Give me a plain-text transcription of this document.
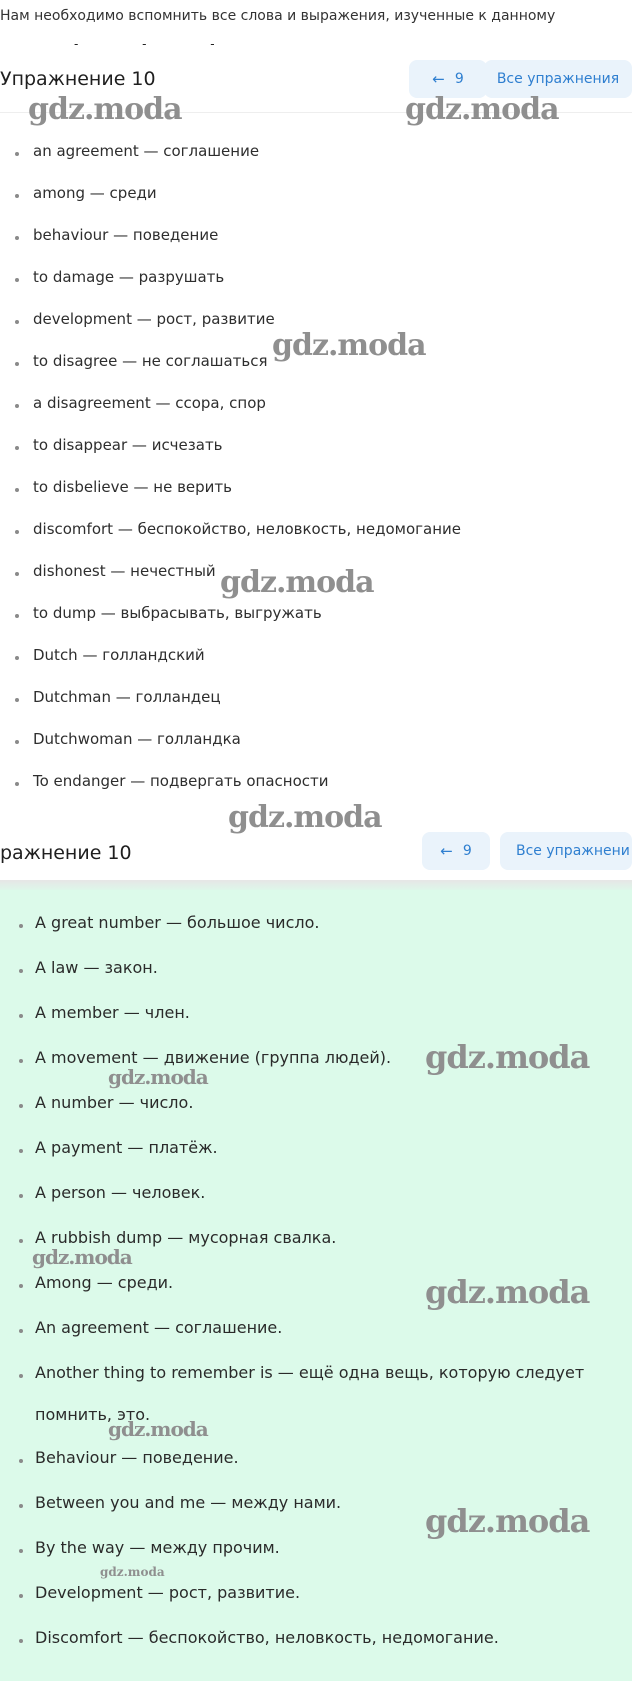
Нам необходимо вспомнить все слова и выражения, изученные к данному
- - -
Упражнение 10	← 9 Все упражнения
an agreement — соглашение
among — среди
behaviour — поведение
to damage — разрушать
development — рост, развитие
to disagree — не соглашаться
a disagreement — ссора, спор
to disappear — исчезать
to disbelieve — не верить
discomfort — беспокойство, неловкость, недомогание
dishonest — нечестный
to dump — выбрасывать, выгружать
Dutch — голландский
Dutchman — голландец
Dutchwoman — голландка
To endanger — подвергать опасности
ражнение 10	← 9	Все упражнени
A great number — большое число.
A law — закон.
A member — член.
A movement — движение (группа людей).
A number — число.
A payment — платёж.
A person — человек.
A rubbish dump — мусорная свалка.
Among — среди.
An agreement — соглашение.
Another thing to remember is — ещё одна вещь, которую следует
помнить, это.
Behaviour — поведение.
Between you and me — между нами.
By the way — между прочим.
Development — рост, развитие.
Discomfort — беспокойство, неловкость, недомогание.
gdz.moda	gdz.moda
gdz.moda
gdz.moda
gdz.moda
gdz.moda
gdz.moda
gdz.moda
gdz.moda
gdz.moda
gdz.moda
gdz.moda
